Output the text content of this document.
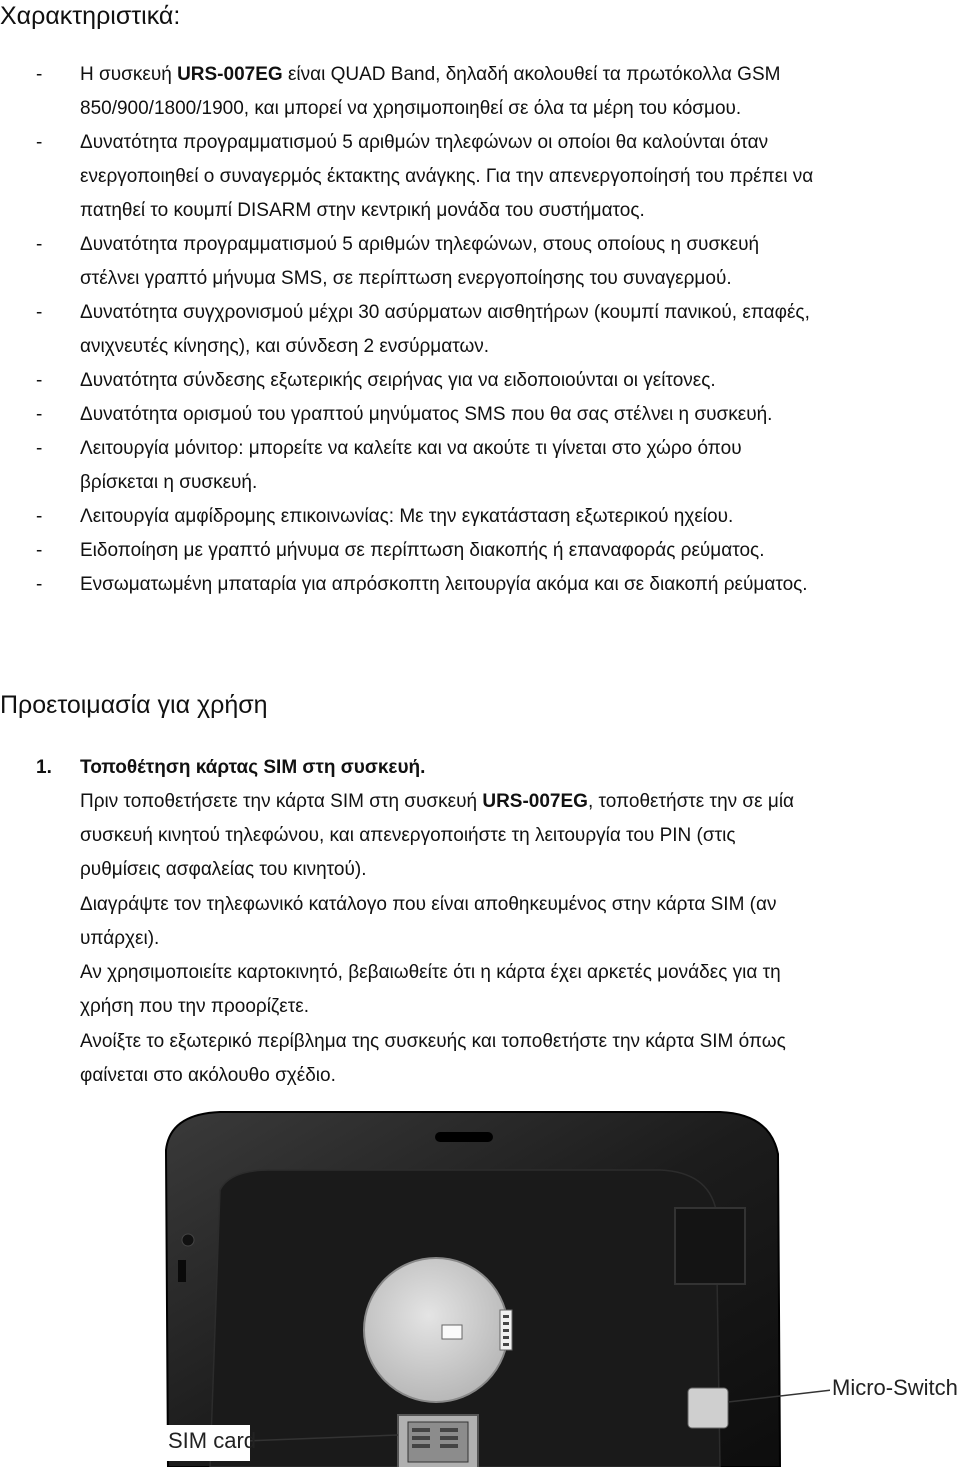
Χαρακτηριστικά:
- Η συσκευή URS-007EG είναι QUAD Band, δηλαδή ακολουθεί τα πρωτόκολλα GSM
850/900/1800/1900, και μπορεί να χρησιμοποιηθεί σε όλα τα μέρη του κόσμου.
- Δυνατότητα προγραμματισμού 5 αριθμών τηλεφώνων οι οποίοι θα καλούνται όταν
ενεργοποιηθεί ο συναγερμός έκτακτης ανάγκης. Για την απενεργοποίησή του πρέπει να
πατηθεί το κουμπί DISARM στην κεντρική μονάδα του συστήματος.
- Δυνατότητα προγραμματισμού 5 αριθμών τηλεφώνων, στους οποίους η συσκευή
στέλνει γραπτό μήνυμα SMS, σε περίπτωση ενεργοποίησης του συναγερμού.
- Δυνατότητα συγχρονισμού μέχρι 30 ασύρματων αισθητήρων (κουμπί πανικού, επαφές,
ανιχνευτές κίνησης), και σύνδεση 2 ενσύρματων.
- Δυνατότητα σύνδεσης εξωτερικής σειρήνας για να ειδοποιούνται οι γείτονες.
- Δυνατότητα ορισμού του γραπτού μηνύματος SMS που θα σας στέλνει η συσκευή.
- Λειτουργία μόνιτορ: μπορείτε να καλείτε και να ακούτε τι γίνεται στο χώρο όπου
βρίσκεται η συσκευή.
- Λειτουργία αμφίδρομης επικοινωνίας: Με την εγκατάσταση εξωτερικού ηχείου.
- Ειδοποίηση με γραπτό μήνυμα σε περίπτωση διακοπής ή επαναφοράς ρεύματος.
- Ενσωματωμένη μπαταρία για απρόσκοπτη λειτουργία ακόμα και σε διακοπή ρεύματος.
Προετοιμασία για χρήση
1. Τοποθέτηση κάρτας SIM στη συσκευή.
Πριν τοποθετήσετε την κάρτα SIM στη συσκευή URS-007EG, τοποθετήστε την σε μία
συσκευή κινητού τηλεφώνου, και απενεργοποιήστε τη λειτουργία του PIN (στις
ρυθμίσεις ασφαλείας του κινητού).
Διαγράψτε τον τηλεφωνικό κατάλογο που είναι αποθηκευμένος στην κάρτα SIM (αν
υπάρχει).
Αν χρησιμοποιείτε καρτοκινητό, βεβαιωθείτε ότι η κάρτα έχει αρκετές μονάδες για τη
χρήση που την προορίζετε.
Ανοίξτε το εξωτερικό περίβλημα της συσκευής και τοποθετήστε την κάρτα SIM όπως
φαίνεται στο ακόλουθο σχέδιο.
SIM card
Micro-Switch
